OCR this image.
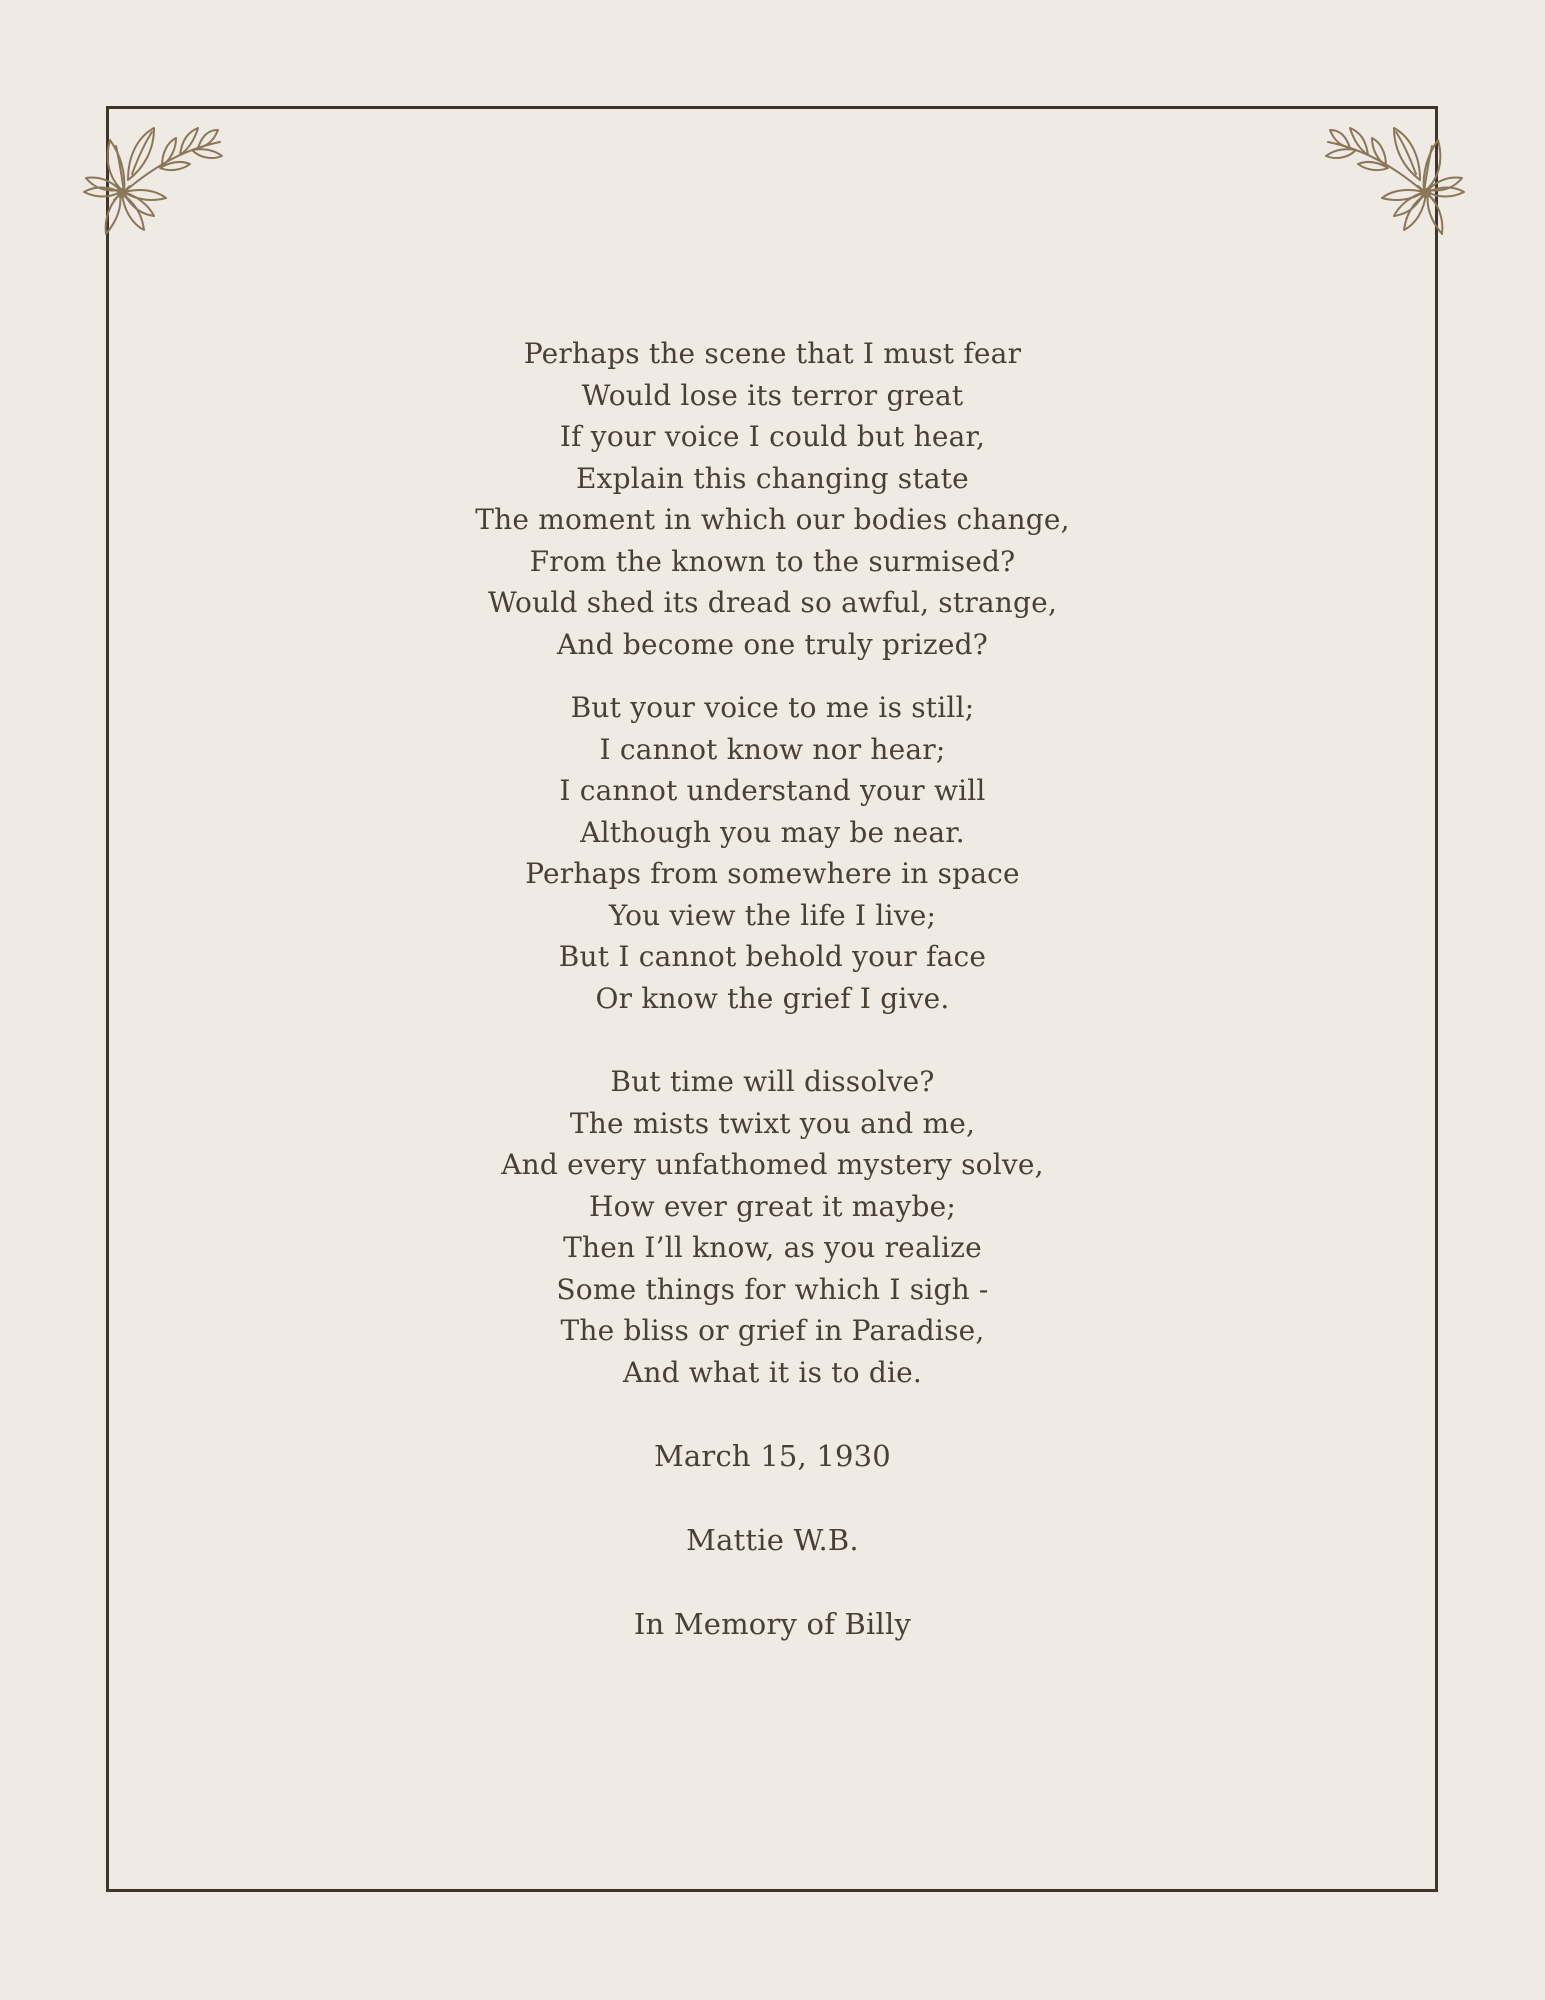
Perhaps the scene that I must fear
Would lose its terror great
If your voice I could but hear,
Explain this changing state
The moment in which our bodies change,
From the known to the surmised?
Would shed its dread so awful, strange,
And become one truly prized?
But your voice to me is still;
I cannot know nor hear;
I cannot understand your will
Although you may be near.
Perhaps from somewhere in space
You view the life I live;
But I cannot behold your face
Or know the grief I give.
But time will dissolve?
The mists twixt you and me,
And every unfathomed mystery solve,
How ever great it maybe;
Then I’ll know, as you realize
Some things for which I sigh -
The bliss or grief in Paradise,
And what it is to die.
March 15, 1930
Mattie W.B.
In Memory of Billy
